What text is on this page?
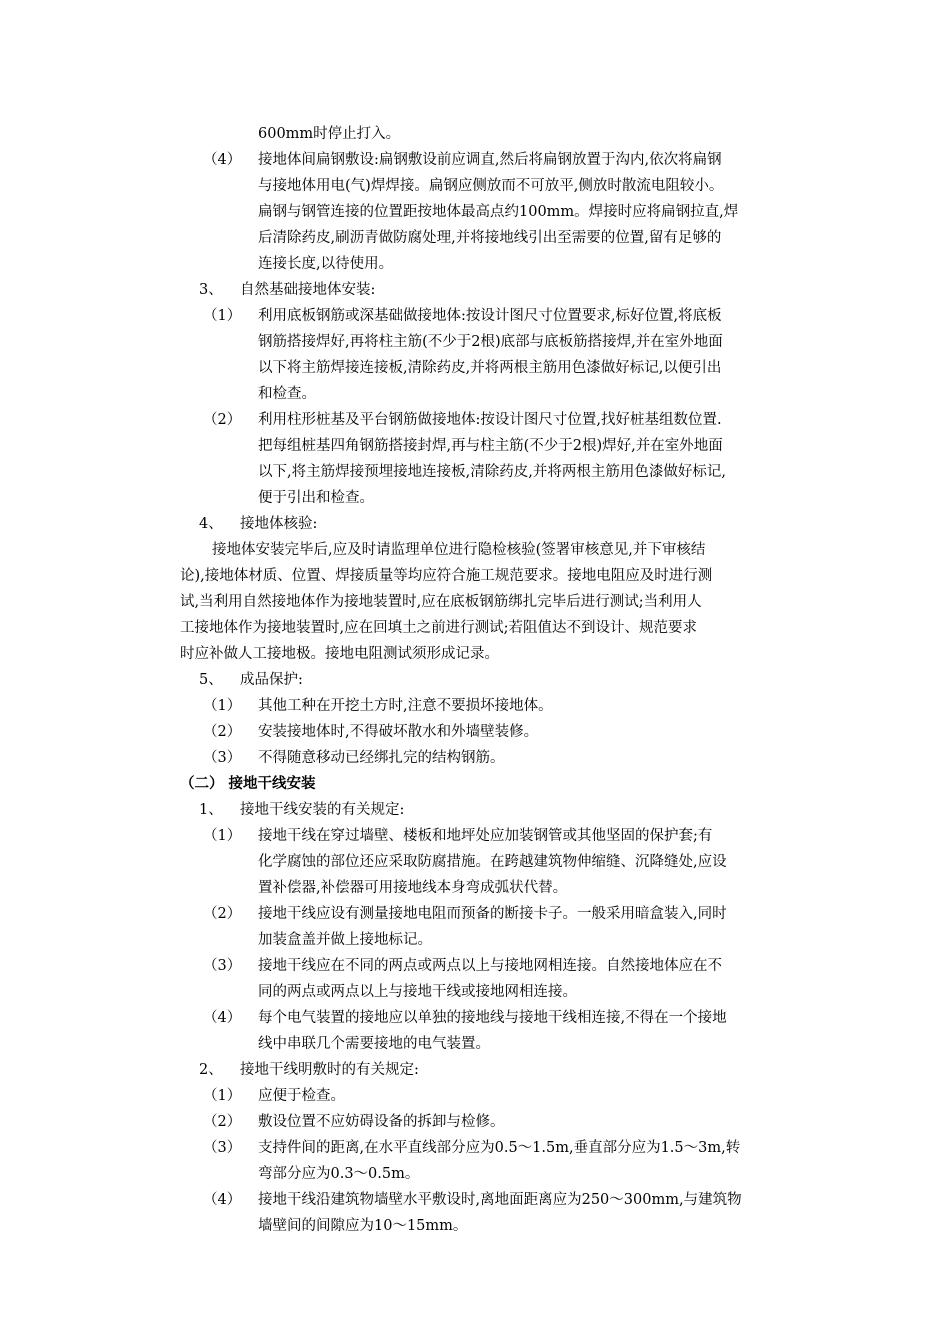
600mm时停止打入。
（4） 接地体间扁钢敷设:扁钢敷设前应调直,然后将扁钢放置于沟内,依次将扁钢
与接地体用电(气)焊焊接。扁钢应侧放而不可放平,侧放时散流电阻较小。
扁钢与钢管连接的位置距按地体最高点约100mm。焊接时应将扁钢拉直,焊
后清除药皮,刷沥青做防腐处理,并将接地线引出至需要的位置,留有足够的
连接长度,以待使用。
3、 自然基础接地体安装:
（1） 利用底板钢筋或深基础做接地体:按设计图尺寸位置要求,标好位置,将底板
钢筋搭接焊好,再将柱主筋(不少于2根)底部与底板筋搭接焊,并在室外地面
以下将主筋焊接连接板,清除药皮,并将两根主筋用色漆做好标记,以便引出
和检查。
（2） 利用柱形桩基及平台钢筋做接地体:按设计图尺寸位置,找好桩基组数位置.
把每组桩基四角钢筋搭接封焊,再与柱主筋(不少于2根)焊好,并在室外地面
以下,将主筋焊接预埋接地连接板,清除药皮,并将两根主筋用色漆做好标记,
便于引出和检查。
4、 接地体核验:
接地体安装完毕后,应及时请监理单位进行隐检核验(签署审核意见,并下审核结
论),接地体材质、位置、焊接质量等均应符合施工规范要求。接地电阻应及时进行测
试,当利用自然接地体作为接地装置时,应在底板钢筋绑扎完毕后进行测试;当利用人
工接地体作为接地装置时,应在回填土之前进行测试;若阻值达不到设计、规范要求
时应补做人工接地极。接地电阻测试须形成记录。
5、 成品保护:
（1） 其他工种在开挖土方时,注意不要损坏接地体。
（2） 安装接地体时,不得破坏散水和外墙壁装修。
（3） 不得随意移动已经绑扎完的结构钢筋。
（二） 接地干线安装
1、 接地干线安装的有关规定:
（1） 接地干线在穿过墙壁、楼板和地坪处应加装钢管或其他坚固的保护套;有
化学腐蚀的部位还应采取防腐措施。在跨越建筑物伸缩缝、沉降缝处,应设
置补偿器,补偿器可用接地线本身弯成弧状代替。
（2） 接地干线应设有测量接地电阻而预备的断接卡子。一般采用暗盒装入,同时
加装盒盖并做上接地标记。
（3） 接地干线应在不同的两点或两点以上与接地网相连接。自然接地体应在不
同的两点或两点以上与接地干线或接地网相连接。
（4） 每个电气装置的接地应以单独的接地线与接地干线相连接,不得在一个接地
线中串联几个需要接地的电气装置。
2、 接地干线明敷时的有关规定:
（1） 应便于检查。
（2） 敷设位置不应妨碍设备的拆卸与检修。
（3） 支持件间的距离,在水平直线部分应为0.5～1.5m,垂直部分应为1.5～3m,转
弯部分应为0.3～0.5m。
（4） 接地干线沿建筑物墙壁水平敷设时,离地面距离应为250～300mm,与建筑物
墙壁间的间隙应为10～15mm。
